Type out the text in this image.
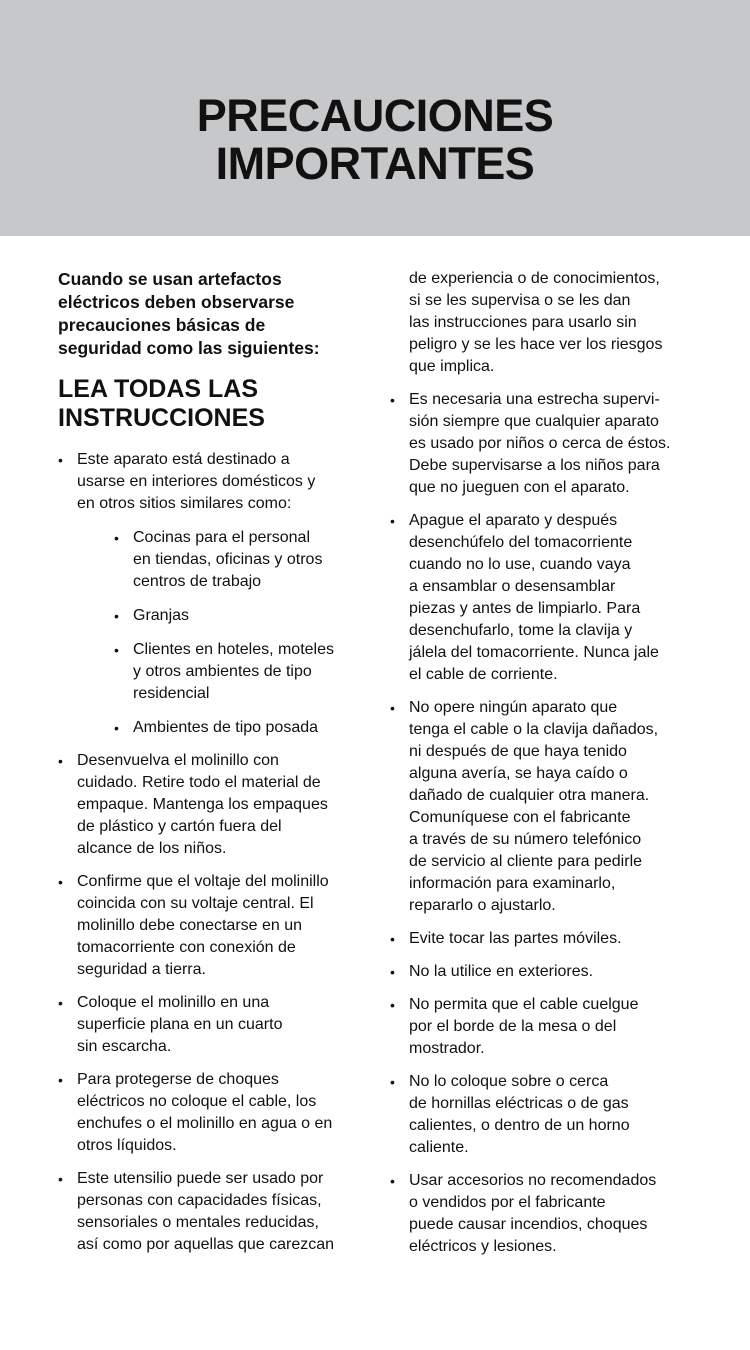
PRECAUCIONES
IMPORTANTES

Cuando se usan artefactos
eléctricos deben observarse
precauciones básicas de
seguridad como las siguientes:

LEA TODAS LAS
INSTRUCCIONES
• Este aparato está destinado a
usarse en interiores domésticos y
en otros sitios similares como:
• Cocinas para el personal
en tiendas, oficinas y otros
centros de trabajo
• Granjas
• Clientes en hoteles, moteles
y otros ambientes de tipo
residencial
• Ambientes de tipo posada
• Desenvuelva el molinillo con
cuidado. Retire todo el material de
empaque. Mantenga los empaques
de plástico y cartón fuera del
alcance de los niños.
• Confirme que el voltaje del molinillo
coincida con su voltaje central. El
molinillo debe conectarse en un
tomacorriente con conexión de
seguridad a tierra.
• Coloque el molinillo en una
superficie plana en un cuarto
sin escarcha.
• Para protegerse de choques
eléctricos no coloque el cable, los
enchufes o el molinillo en agua o en
otros líquidos.
• Este utensilio puede ser usado por
personas con capacidades físicas,
sensoriales o mentales reducidas,
así como por aquellas que carezcan
de experiencia o de conocimientos,
si se les supervisa o se les dan
las instrucciones para usarlo sin
peligro y se les hace ver los riesgos
que implica.
• Es necesaria una estrecha supervi-
sión siempre que cualquier aparato
es usado por niños o cerca de éstos.
Debe supervisarse a los niños para
que no jueguen con el aparato.
• Apague el aparato y después
desenchúfelo del tomacorriente
cuando no lo use, cuando vaya
a ensamblar o desensamblar
piezas y antes de limpiarlo. Para
desenchufarlo, tome la clavija y
jálela del tomacorriente. Nunca jale
el cable de corriente.
• No opere ningún aparato que
tenga el cable o la clavija dañados,
ni después de que haya tenido
alguna avería, se haya caído o
dañado de cualquier otra manera.
Comuníquese con el fabricante
a través de su número telefónico
de servicio al cliente para pedirle
información para examinarlo,
repararlo o ajustarlo.
• Evite tocar las partes móviles.
• No la utilice en exteriores.
• No permita que el cable cuelgue
por el borde de la mesa o del
mostrador.
• No lo coloque sobre o cerca
de hornillas eléctricas o de gas
calientes, o dentro de un horno
caliente.
• Usar accesorios no recomendados
o vendidos por el fabricante
puede causar incendios, choques
eléctricos y lesiones.
